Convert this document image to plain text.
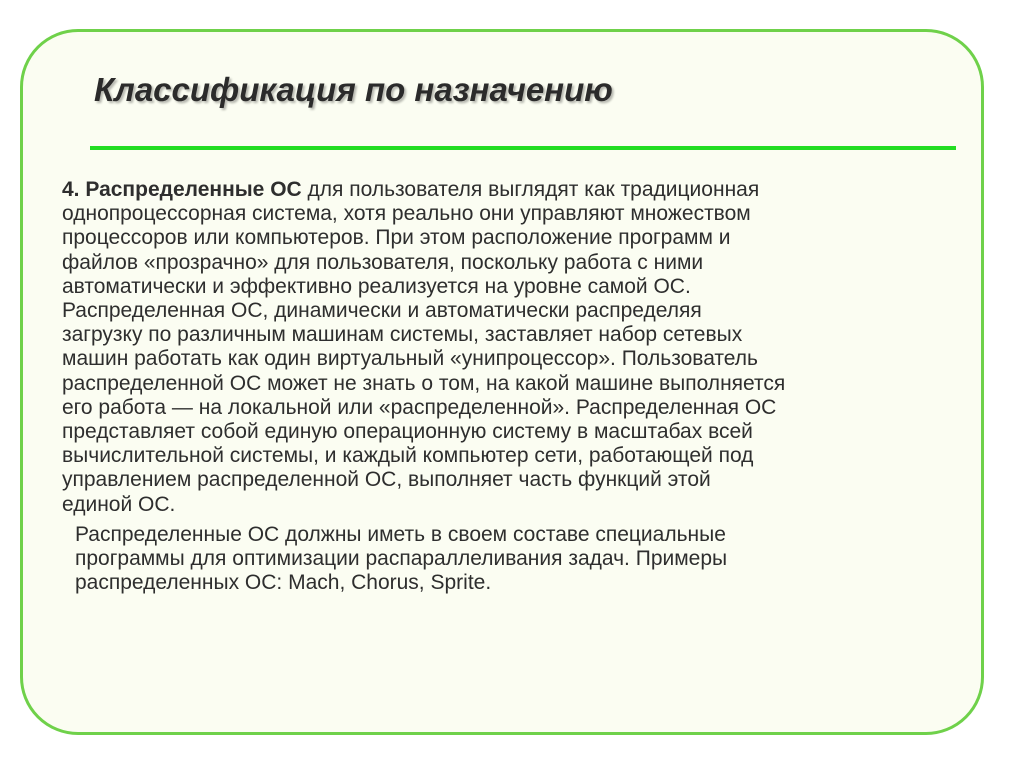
Классификация по назначению

4. Распределенные ОС для пользователя выглядят как традиционная
однопроцессорная система, хотя реально они управляют множеством
процессоров или компьютеров. При этом расположение программ и
файлов «прозрачно» для пользователя, поскольку работа с ними
автоматически и эффективно реализуется на уровне самой ОС.
Распределенная ОС, динамически и автоматически распределяя
загрузку по различным машинам системы, заставляет набор сетевых
машин работать как один виртуальный «унипроцессор». Пользователь
распределенной ОС может не знать о том, на какой машине выполняется
его работа — на локальной или «распределенной». Распределенная ОС
представляет собой единую операционную систему в масштабах всей
вычислительной системы, и каждый компьютер сети, работающей под
управлением распределенной ОС, выполняет часть функций этой
единой ОС.

Распределенные ОС должны иметь в своем составе специальные
программы для оптимизации распараллеливания задач. Примеры
распределенных ОС: Mach, Chorus, Sprite.
